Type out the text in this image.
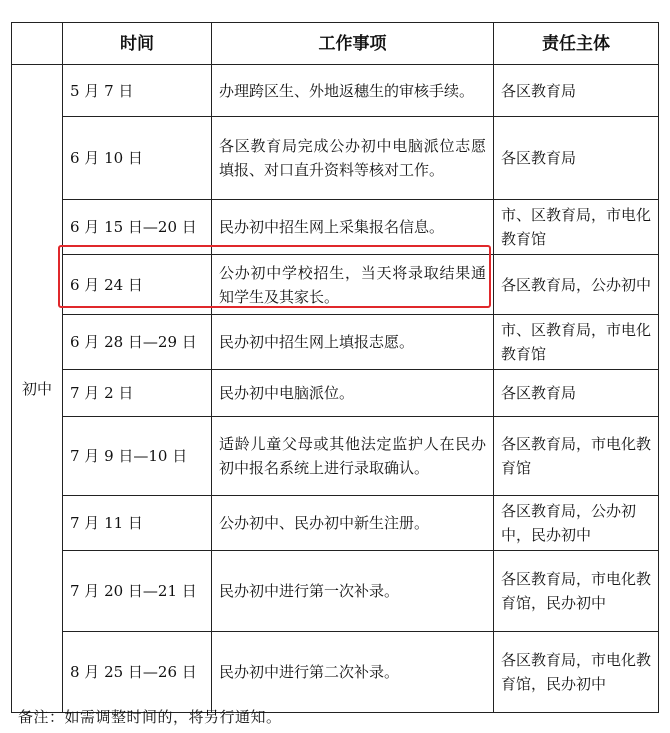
	时间	工作事项	责任主体
初中	5 月 7 日	办理跨区生、外地返穗生的审核手续。	各区教育局
	6 月 10 日	各区教育局完成公办初中电脑派位志愿填报、对口直升资料等核对工作。	各区教育局
	6 月 15 日—20 日	民办初中招生网上采集报名信息。	市、区教育局，市电化教育馆
	6 月 24 日	公办初中学校招生，当天将录取结果通知学生及其家长。	各区教育局，公办初中
	6 月 28 日—29 日	民办初中招生网上填报志愿。	市、区教育局，市电化教育馆
	7 月 2 日	民办初中电脑派位。	各区教育局
	7 月 9 日—10 日	适龄儿童父母或其他法定监护人在民办初中报名系统上进行录取确认。	各区教育局，市电化教育馆
	7 月 11 日	公办初中、民办初中新生注册。	各区教育局，公办初中，民办初中
	7 月 20 日—21 日	民办初中进行第一次补录。	各区教育局，市电化教育馆，民办初中
	8 月 25 日—26 日	民办初中进行第二次补录。	各区教育局，市电化教育馆，民办初中
备注：如需调整时间的，将另行通知。
